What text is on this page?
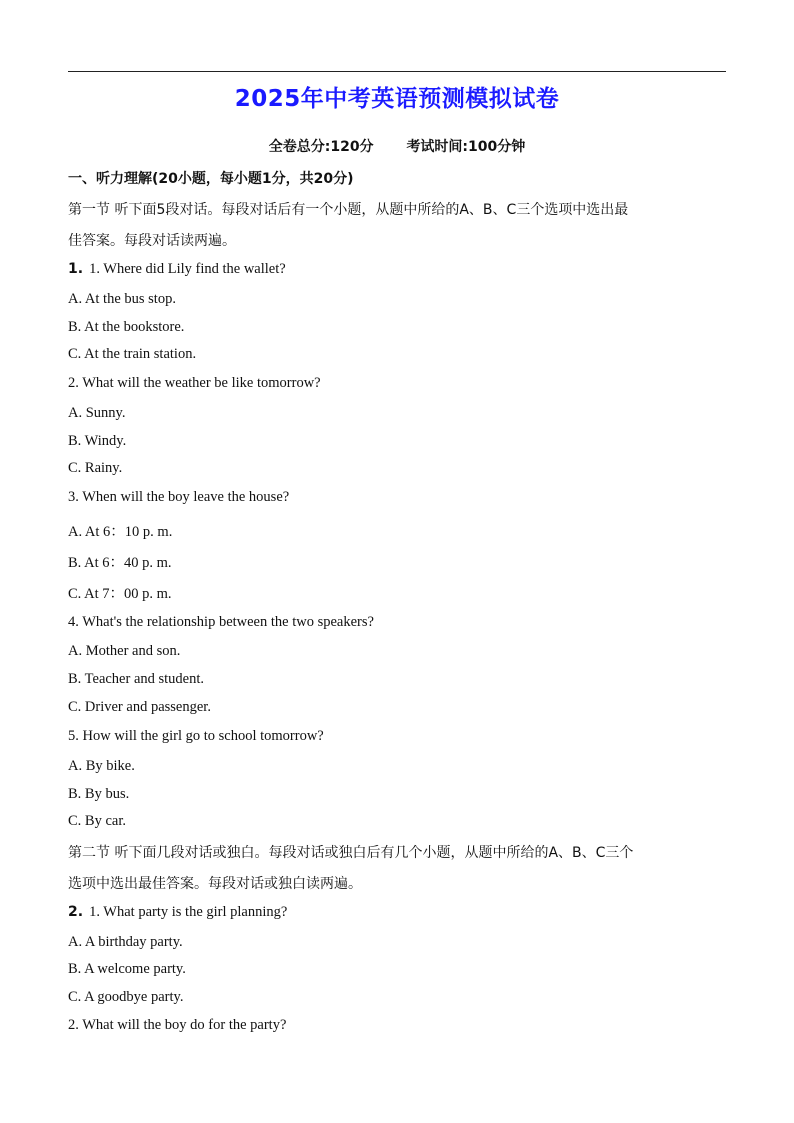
2025年中考英语预测模拟试卷
全卷总分:120分 考试时间:100分钟
一、听力理解(20小题，每小题1分，共20分)
第一节 听下面5段对话。每段对话后有一个小题，从题中所给的A、B、C三个选项中选出最
佳答案。每段对话读两遍。
1. 1. Where did Lily find the wallet?
A. At the bus stop.
B. At the bookstore.
C. At the train station.
2. What will the weather be like tomorrow?
A. Sunny.
B. Windy.
C. Rainy.
3. When will the boy leave the house?
A. At 6：10 p. m.
B. At 6：40 p. m.
C. At 7：00 p. m.
4. What's the relationship between the two speakers?
A. Mother and son.
B. Teacher and student.
C. Driver and passenger.
5. How will the girl go to school tomorrow?
A. By bike.
B. By bus.
C. By car.
第二节 听下面几段对话或独白。每段对话或独白后有几个小题，从题中所给的A、B、C三个
选项中选出最佳答案。每段对话或独白读两遍。
2. 1. What party is the girl planning?
A. A birthday party.
B. A welcome party.
C. A goodbye party.
2. What will the boy do for the party?
